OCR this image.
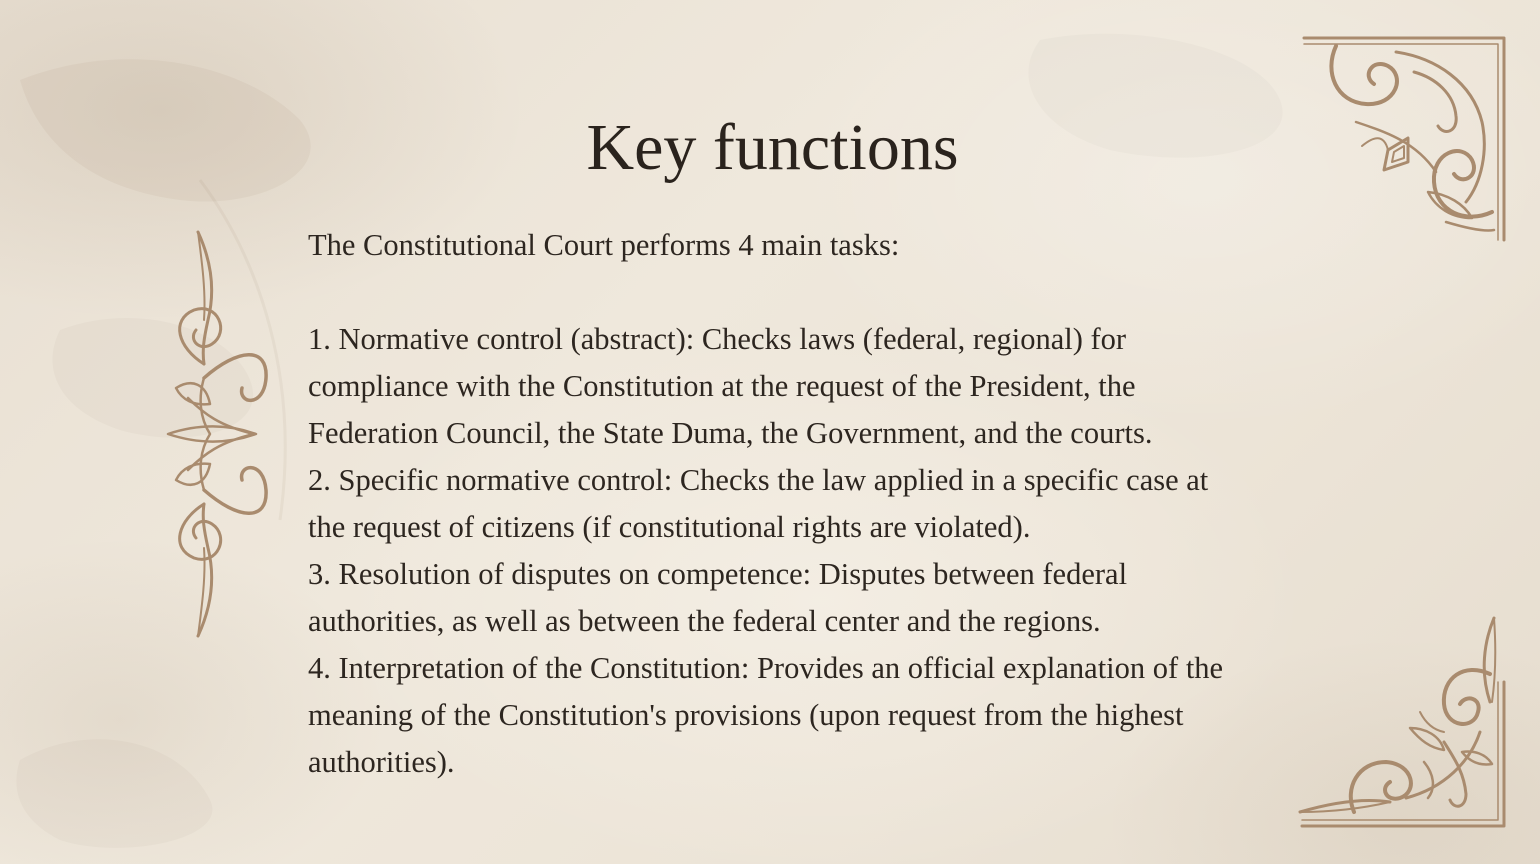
Key functions

The Constitutional Court performs 4 main tasks:

1. Normative control (abstract): Checks laws (federal, regional) for

compliance with the Constitution at the request of the President, the

Federation Council, the State Duma, the Government, and the courts.

2. Specific normative control: Checks the law applied in a specific case at

the request of citizens (if constitutional rights are violated).

3. Resolution of disputes on competence: Disputes between federal

authorities, as well as between the federal center and the regions.

4. Interpretation of the Constitution: Provides an official explanation of the

meaning of the Constitution's provisions (upon request from the highest

authorities).
